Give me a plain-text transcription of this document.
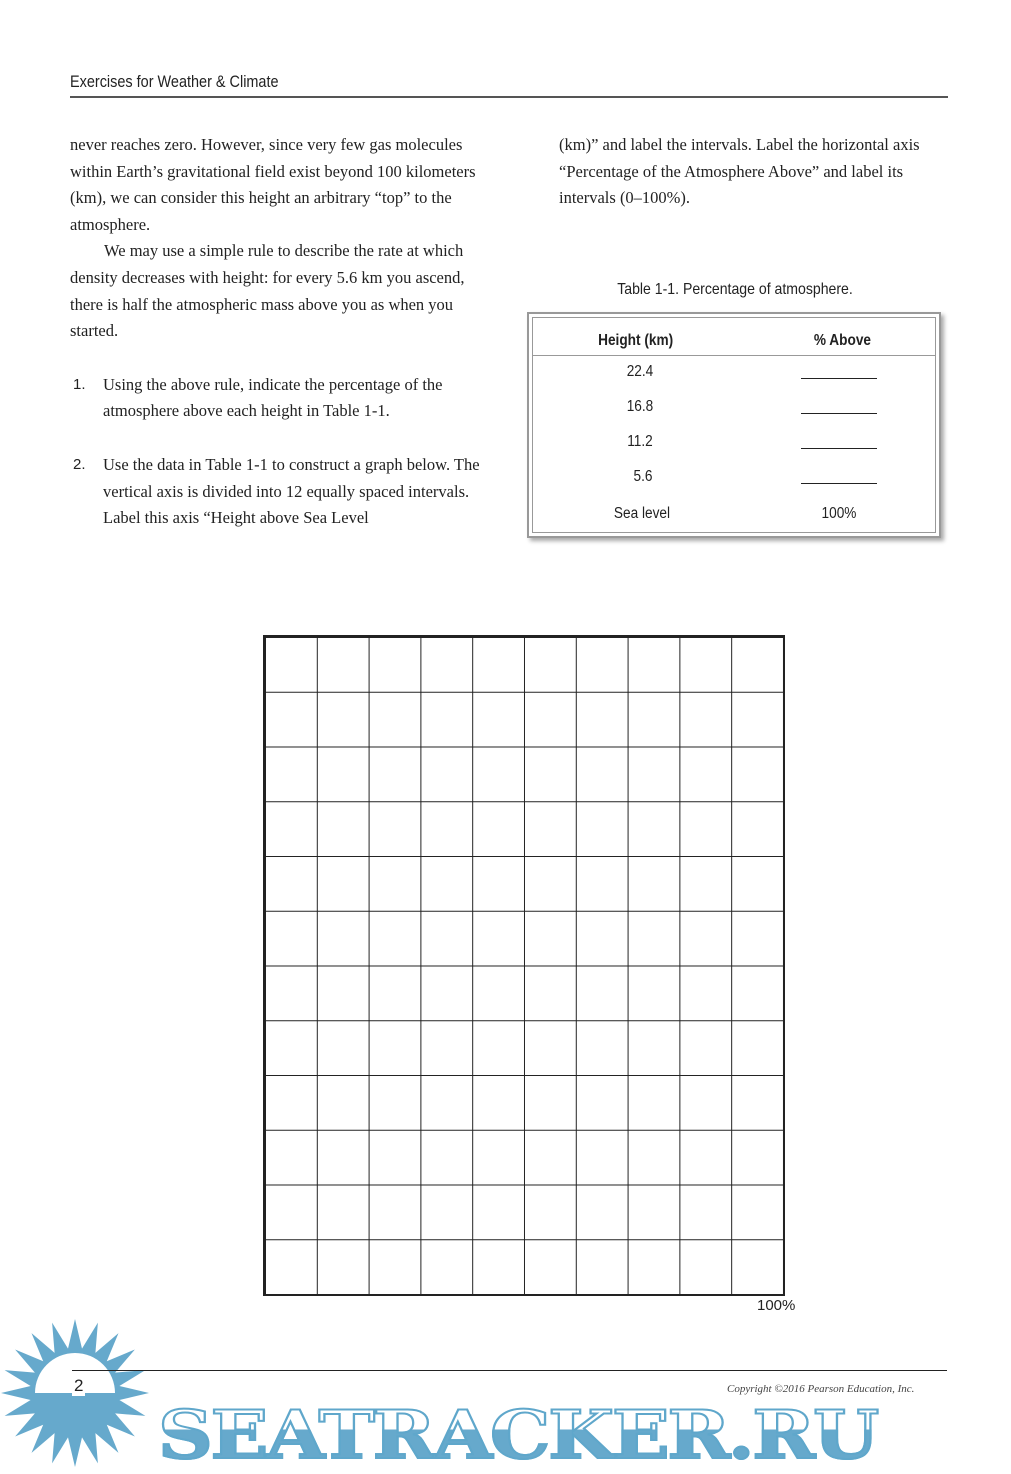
Exercises for Weather & Climate

never reaches zero. However, since very few gas molecules within Earth’s gravitational field exist beyond 100 kilometers (km), we can consider this height an arbitrary “top” to the atmosphere.

We may use a simple rule to describe the rate at which density decreases with height: for every 5.6 km you ascend, there is half the atmospheric mass above you as when you started.

1. Using the above rule, indicate the percentage of the atmosphere above each height in Table 1-1.
2. Use the data in Table 1-1 to construct a graph below. The vertical axis is divided into 12 equally spaced intervals. Label this axis “Height above Sea Level

(km)” and label the intervals. Label the horizontal axis “Percentage of the Atmosphere Above” and label its intervals (0–100%).

Table 1-1. Percentage of atmosphere.
Height (km)	% Above
22.4
16.8
11.2
5.6
Sea level	100%
100%
SEATRACKER.RU
2	Copyright ©2016 Pearson Education, Inc.
